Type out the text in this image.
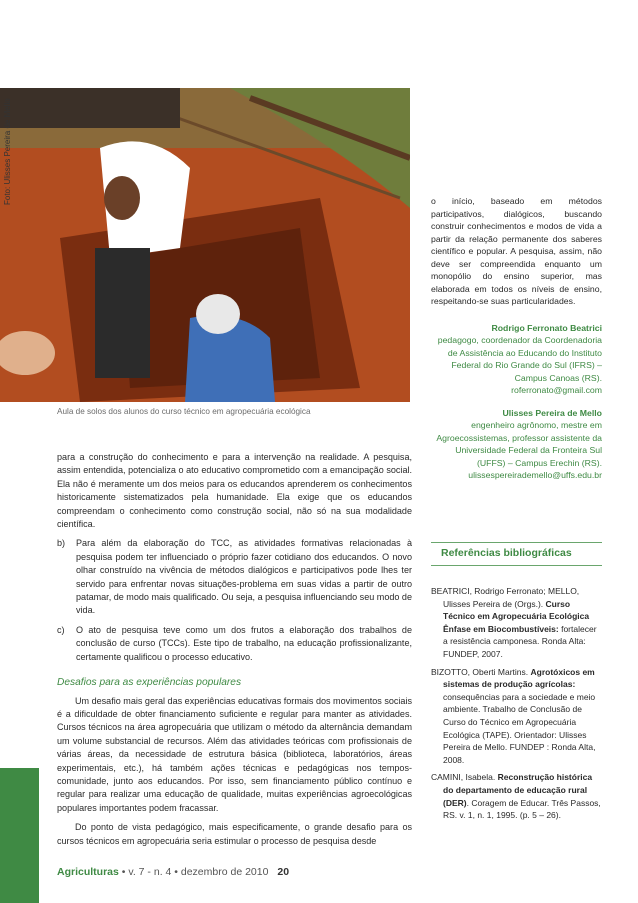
Foto: Ulisses Pereira de Mello
Aula de solos dos alunos do curso técnico em agropecuária ecológica

para a construção do conhecimento e para a intervenção na realidade. A pesquisa, assim entendida, potencializa o ato educativo comprometido com a emancipação social. Ela não é meramente um dos meios para os educandos aprenderem os conhecimentos historicamente sistematizados pela humanidade. Ela exige que os educandos compreendam o conhecimento como construção social, não só na sua modalidade científica.

b) Para além da elaboração do TCC, as atividades formativas relacionadas à pesquisa podem ter influenciado o próprio fazer cotidiano dos educandos. O novo olhar construído na vivência de métodos dialógicos e participativos pode lhes ter servido para enfrentar novas situações-problema em suas vidas a partir de outro patamar, de modo mais qualificado. Ou seja, a pesquisa influenciando seu modo de vida.
c) O ato de pesquisa teve como um dos frutos a elaboração dos trabalhos de conclusão de curso (TCCs). Este tipo de trabalho, na educação profissionalizante, certamente qualificou o processo educativo.
Desafios para as experiências populares

Um desafio mais geral das experiências educativas formais dos movimentos sociais é a dificuldade de obter financiamento suficiente e regular para manter as atividades. Cursos técnicos na área agropecuária que utilizam o método da alternância demandam um volume substancial de recursos. Além das atividades teóricas com profissionais de várias áreas, da necessidade de estrutura básica (biblioteca, laboratórios, áreas experimentais, etc.), há também ações técnicas e pedagógicas nos tempos-comunidade, junto aos educandos. Por isso, sem financiamento público contínuo e regular para realizar uma educação de qualidade, muitas experiências agroecológicas populares importantes podem fracassar.

Do ponto de vista pedagógico, mais especificamente, o grande desafio para os cursos técnicos em agropecuária seria estimular o processo de pesquisa desde

o início, baseado em métodos participativos, dialógicos, buscando construir conhecimentos e modos de vida a partir da relação permanente dos saberes científico e popular. A pesquisa, assim, não deve ser compreendida enquanto um monopólio do ensino superior, mas elaborada em todos os níveis de ensino, respeitando-se suas particularidades.

Rodrigo Ferronato Beatrici
pedagogo, coordenador da Coordenadoria de Assistência ao Educando do Instituto Federal do Rio Grande do Sul (IFRS) – Campus Canoas (RS).
roferronato@gmail.com
Ulisses Pereira de Mello
engenheiro agrônomo, mestre em Agroecossistemas, professor assistente da Universidade Federal da Fronteira Sul (UFFS) – Campus Erechin (RS).
ulissespereirademello@uffs.edu.br
Referências bibliográficas
BEATRICI, Rodrigo Ferronato; MELLO, Ulisses Pereira de (Orgs.). Curso Técnico em Agropecuária Ecológica Ênfase em Biocombustíveis: fortalecer a resistência camponesa. Ronda Alta: FUNDEP, 2007.
BIZOTTO, Oberti Martins. Agrotóxicos em sistemas de produção agrícolas: consequências para a sociedade e meio ambiente. Trabalho de Conclusão de Curso do Técnico em Agropecuária Ecológica (TAPE). Orientador: Ulisses Pereira de Mello. FUNDEP : Ronda Alta, 2008.
CAMINI, Isabela. Reconstrução histórica do departamento de educação rural (DER). Coragem de Educar. Três Passos, RS. v. 1, n. 1, 1995. (p. 5 – 26).
Agriculturas • v. 7 - n. 4 • dezembro de 2010 20
